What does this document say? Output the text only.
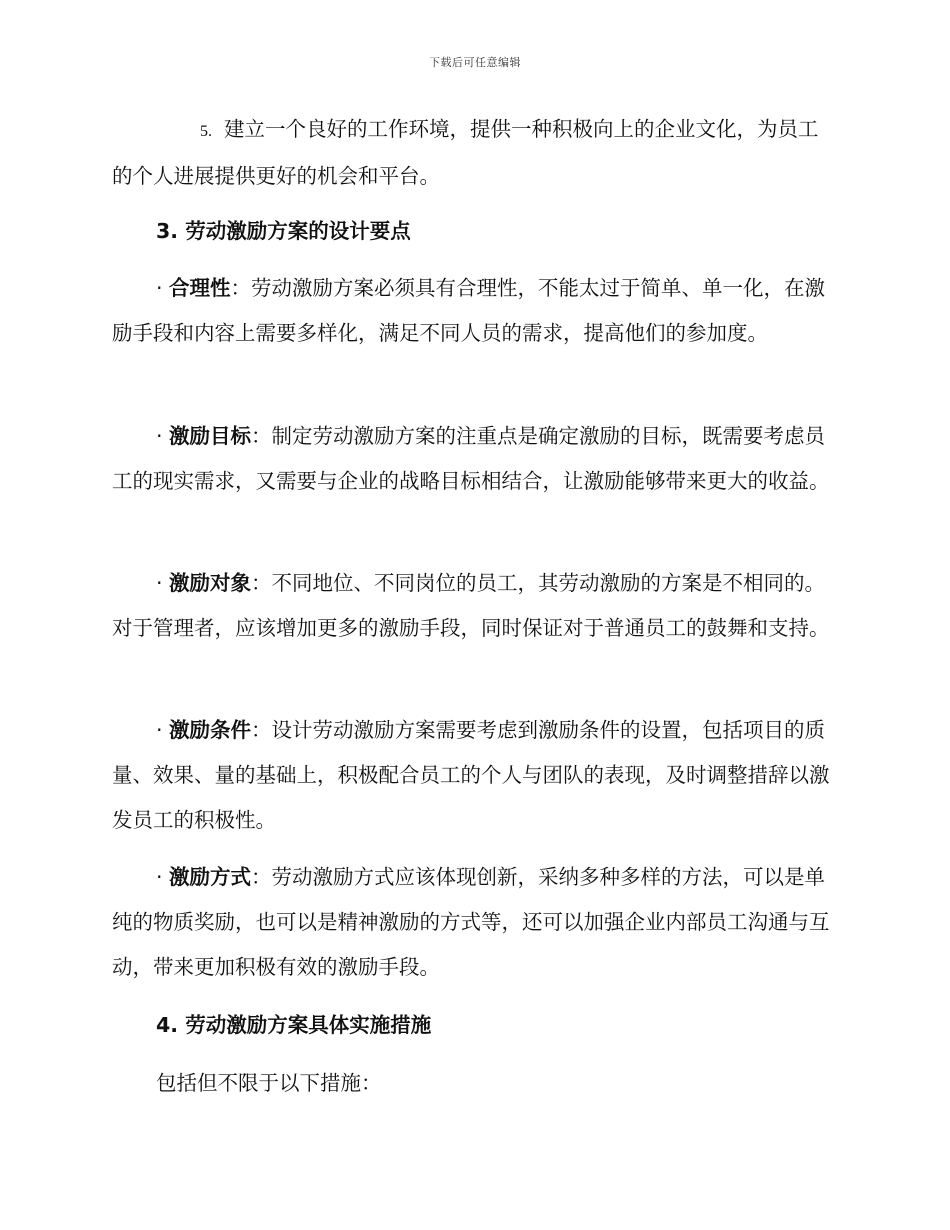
下载后可任意编辑

5. 建立一个良好的工作环境，提供一种积极向上的企业文化，为员工的个人进展提供更好的机会和平台。

3. 劳动激励方案的设计要点

· 合理性：劳动激励方案必须具有合理性，不能太过于简单、单一化，在激励手段和内容上需要多样化，满足不同人员的需求，提高他们的参加度。

· 激励目标：制定劳动激励方案的注重点是确定激励的目标，既需要考虑员工的现实需求，又需要与企业的战略目标相结合，让激励能够带来更大的收益。

· 激励对象：不同地位、不同岗位的员工，其劳动激励的方案是不相同的。对于管理者，应该增加更多的激励手段，同时保证对于普通员工的鼓舞和支持。

· 激励条件：设计劳动激励方案需要考虑到激励条件的设置，包括项目的质量、效果、量的基础上，积极配合员工的个人与团队的表现，及时调整措辞以激发员工的积极性。

· 激励方式：劳动激励方式应该体现创新，采纳多种多样的方法，可以是单纯的物质奖励，也可以是精神激励的方式等，还可以加强企业内部员工沟通与互动，带来更加积极有效的激励手段。

4. 劳动激励方案具体实施措施

包括但不限于以下措施：
